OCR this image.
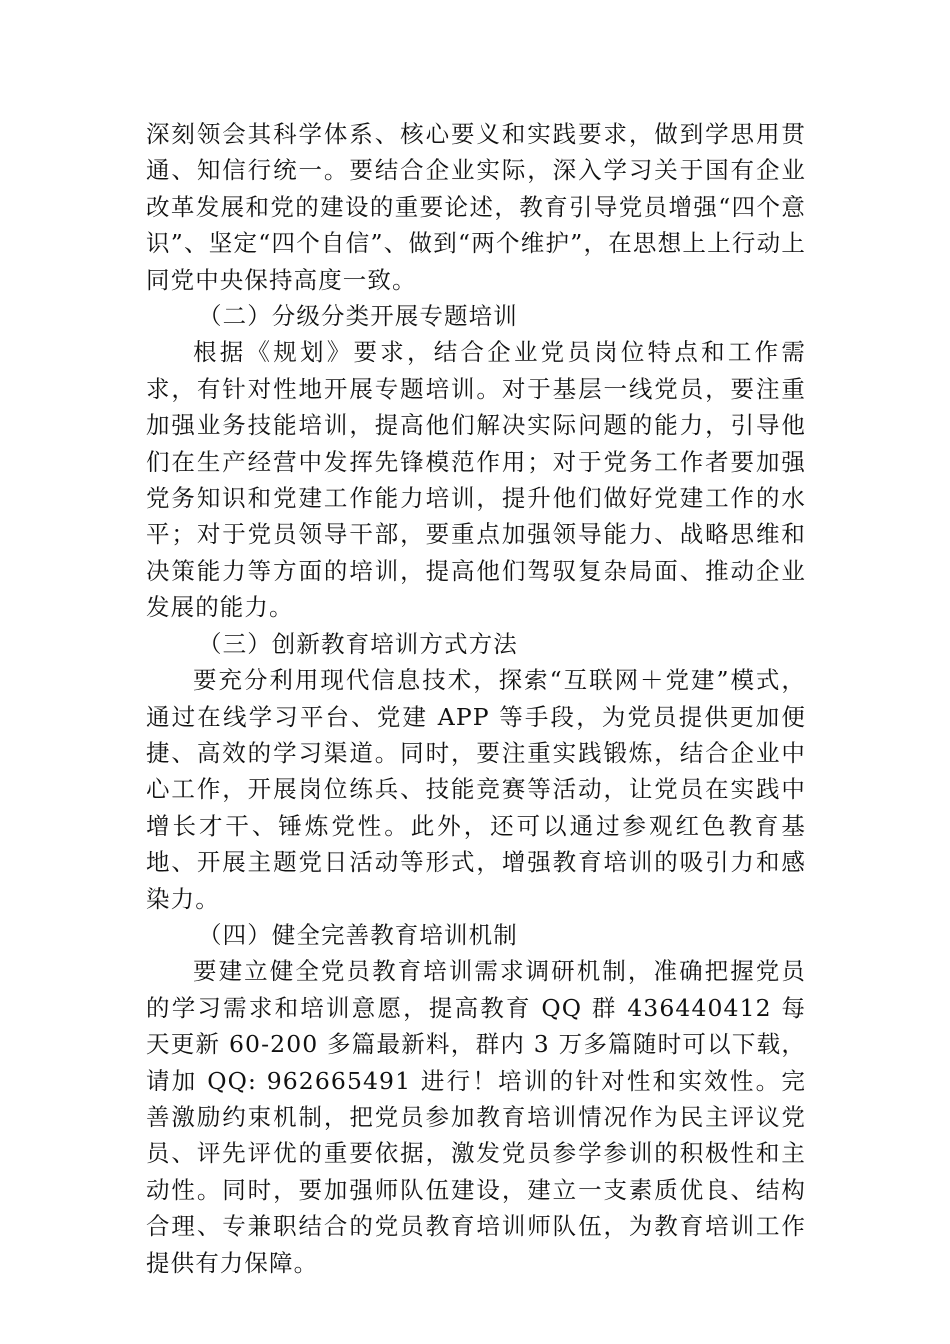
深刻领会其科学体系、核心要义和实践要求，做到学思用贯通、知信行统一。要结合企业实际，深入学习关于国有企业改革发展和党的建设的重要论述，教育引导党员增强“四个意识”、坚定“四个自信”、做到“两个维护”，在思想上上行动上同党中央保持高度一致。

（二）分级分类开展专题培训

根据《规划》要求，结合企业党员岗位特点和工作需求，有针对性地开展专题培训。对于基层一线党员，要注重加强业务技能培训，提高他们解决实际问题的能力，引导他们在生产经营中发挥先锋模范作用；对于党务工作者要加强党务知识和党建工作能力培训，提升他们做好党建工作的水平；对于党员领导干部，要重点加强领导能力、战略思维和决策能力等方面的培训，提高他们驾驭复杂局面、推动企业发展的能力。

（三）创新教育培训方式方法

要充分利用现代信息技术，探索“互联网＋党建”模式，通过在线学习平台、党建 APP 等手段，为党员提供更加便捷、高效的学习渠道。同时，要注重实践锻炼，结合企业中心工作，开展岗位练兵、技能竞赛等活动，让党员在实践中增长才干、锤炼党性。此外，还可以通过参观红色教育基地、开展主题党日活动等形式，增强教育培训的吸引力和感染力。

（四）健全完善教育培训机制

要建立健全党员教育培训需求调研机制，准确把握党员的学习需求和培训意愿，提高教育 QQ 群 436440412 每天更新 60-200 多篇最新料，群内 3 万多篇随时可以下载，请加 QQ: 962665491 进行！培训的针对性和实效性。完善激励约束机制，把党员参加教育培训情况作为民主评议党员、评先评优的重要依据，激发党员参学参训的积极性和主动性。同时，要加强师队伍建设，建立一支素质优良、结构合理、专兼职结合的党员教育培训师队伍，为教育培训工作提供有力保障。
